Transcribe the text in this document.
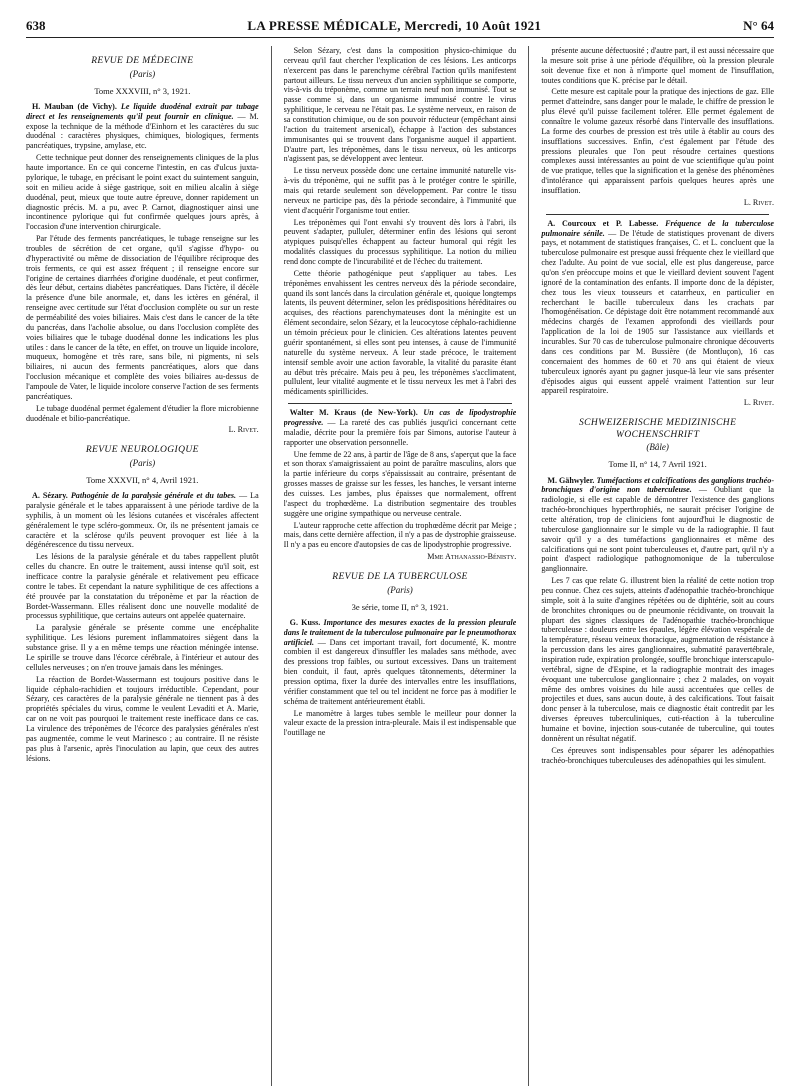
638	LA PRESSE MÉDICALE, Mercredi, 10 Août 1921	N° 64
REVUE DE MÉDECINE
(Paris)
Tome XXXVIII, n° 3, 1921.

H. Mauban (de Vichy). Le liquide duodénal extrait par tubage direct et les renseignements qu'il peut fournir en clinique. — M. expose la technique de la méthode d'Einhorn et les caractères du suc duodénal : caractères physiques, chimiques, biologiques, ferments pancréatiques, trypsine, amylase, etc.

Cette technique peut donner des renseignements cliniques de la plus haute importance. En ce qui concerne l'intestin, en cas d'ulcus juxta-pylorique, le tubage, en précisant le point exact du suintement sanguin, soit en milieu acide à siège gastrique, soit en milieu alcalin à siège duodénal, peut, mieux que toute autre épreuve, donner rapidement un diagnostic précis. M. a pu, avec P. Carnot, diagnostiquer ainsi une incontinence pylorique qui fut confirmée quelques jours après, à l'occasion d'une intervention chirurgicale.

Par l'étude des ferments pancréatiques, le tubage renseigne sur les troubles de sécrétion de cet organe, qu'il s'agisse d'hypo- ou d'hyperactivité ou même de dissociation de l'équilibre réciproque des trois ferments, ce qui est assez fréquent ; il renseigne encore sur l'origine de certaines diarrhées d'origine duodénale, et peut confirmer, dès leur début, certains diabètes pancréatiques. Dans l'ictère, il décèle la présence d'une bile anormale, et, dans les ictères en général, il renseigne avec certitude sur l'état d'occlusion complète ou sur un reste de perméabilité des voies biliaires. Mais c'est dans le cancer de la tête du pancréas, dans l'acholie absolue, ou dans l'occlusion complète des voies biliaires que le tubage duodénal donne les indications les plus utiles : dans le cancer de la tête, en effet, on trouve un liquide incolore, muqueux, homogène et très rare, sans bile, ni pigments, ni sels biliaires, ni aucun des ferments pancréatiques, alors que dans l'occlusion mécanique et complète des voies biliaires au-dessus de l'ampoule de Vater, le liquide incolore conserve l'action de ses ferments pancréatiques.

Le tubage duodénal permet également d'étudier la flore microbienne duodénale et bilio-pancréatique.

L. Rivet.
REVUE NEUROLOGIQUE
(Paris)
Tome XXXVII, n° 4, Avril 1921.

A. Sézary. Pathogénie de la paralysie générale et du tabes. — La paralysie générale et le tabes apparaissent à une période tardive de la syphilis, à un moment où les lésions cutanées et viscérales affectent généralement le type scléro-gommeux. Or, ils ne présentent jamais ce caractère et la sclérose qu'ils peuvent provoquer est liée à la dégénérescence du tissu nerveux.

Les lésions de la paralysie générale et du tabes rappellent plutôt celles du chancre. En outre le traitement, aussi intense qu'il soit, est inefficace contre la paralysie générale et relativement peu efficace contre le tabes. Et cependant la nature syphilitique de ces affections a été prouvée par la constatation du tréponème et par la réaction de Bordet-Wassermann. Elles réalisent donc une nouvelle modalité de processus syphilitique, que certains auteurs ont appelée quaternaire.

La paralysie générale se présente comme une encéphalite syphilitique. Les lésions purement inflammatoires siègent dans la substance grise. Il y a en même temps une réaction méningée intense. Le spirille se trouve dans l'écorce cérébrale, à l'intérieur et autour des cellules nerveuses ; on n'en trouve jamais dans les méninges.

La réaction de Bordet-Wassermann est toujours positive dans le liquide céphalo-rachidien et toujours irréductible. Cependant, pour Sézary, ces caractères de la paralysie générale ne tiennent pas à des propriétés spéciales du virus, comme le veulent Levaditi et A. Marie, car on ne voit pas pourquoi le traitement reste inefficace dans ce cas. La virulence des tréponèmes de l'écorce des paralysies générales n'est pas augmentée, comme le veut Marinesco ; au contraire. Il ne résiste pas plus à l'arsenic, après l'inoculation au lapin, que ceux des autres lésions.

Selon Sézary, c'est dans la composition physico-chimique du cerveau qu'il faut chercher l'explication de ces lésions. Les anticorps n'exercent pas dans le parenchyme cérébral l'action qu'ils manifestent partout ailleurs. Le tissu nerveux d'un ancien syphilitique se comporte, vis-à-vis du tréponème, comme un terrain neuf non immunisé. Tout se passe comme si, dans un organisme immunisé contre le virus syphilitique, le cerveau ne l'était pas. Le système nerveux, en raison de sa constitution chimique, ou de son pouvoir réducteur (empêchant ainsi l'action du traitement arsenical), échappe à l'action des substances immunisantes qui se trouvent dans l'organisme auquel il appartient. D'autre part, les tréponèmes, dans le tissu nerveux, où les anticorps n'agissent pas, se développent avec lenteur.

Le tissu nerveux possède donc une certaine immunité naturelle vis-à-vis du tréponème, qui ne suffit pas à le protéger contre le spirille, mais qui retarde seulement son développement. Par contre le tissu nerveux ne participe pas, dès la période secondaire, à l'immunité que vient d'acquérir l'organisme tout entier.

Les tréponèmes qui l'ont envahi s'y trouvent dès lors à l'abri, ils peuvent s'adapter, pulluler, déterminer enfin des lésions qui seront atypiques puisqu'elles échappent au facteur humoral qui régit les modalités classiques du processus syphilitique. La notion du milieu rend donc compte de l'incurabilité et de l'échec du traitement.

Cette théorie pathogénique peut s'appliquer au tabes. Les tréponèmes envahissent les centres nerveux dès la période secondaire, quand ils sont lancés dans la circulation générale et, quoique longtemps latents, ils peuvent déterminer, selon les prédispositions héréditaires ou acquises, des réactions parenchymateuses dont la méningite est un élément secondaire, selon Sézary, et la leucocytose céphalo-rachidienne un témoin précieux pour le clinicien. Ces altérations latentes peuvent guérir spontanément, si elles sont peu intenses, à cause de l'immunité naturelle du système nerveux. A leur stade précoce, le traitement intensif semble avoir une action favorable, la vitalité du parasite étant au début très précaire. Mais peu à peu, les tréponèmes s'acclimatent, pullulent, leur vitalité augmente et le tissu nerveux les met à l'abri des médicaments spirillicides.

Walter M. Kraus (de New-York). Un cas de lipodystrophie progressive. — La rareté des cas publiés jusqu'ici concernant cette maladie, décrite pour la première fois par Simons, autorise l'auteur à rapporter une observation personnelle.

Une femme de 22 ans, à partir de l'âge de 8 ans, s'aperçut que la face et son thorax s'amaigrissaient au point de paraître masculins, alors que la partie inférieure du corps s'épaississait au contraire, présentant de grosses masses de graisse sur les fesses, les hanches, le versant interne des cuisses. Les jambes, plus épaisses que normalement, offrent l'aspect du trophœdème. La distribution segmentaire des troubles suggère une origine sympathique ou nerveuse centrale.

L'auteur rapproche cette affection du trophœdème décrit par Meige ; mais, dans cette dernière affection, il n'y a pas de dystrophie graisseuse. Il n'y a pas eu encore d'autopsies de cas de lipodystrophie progressive.

Mme Athanassio-Bénisty.
REVUE DE LA TUBERCULOSE
(Paris)
3e série, tome II, n° 3, 1921.

G. Kuss. Importance des mesures exactes de la pression pleurale dans le traitement de la tuberculose pulmonaire par le pneumothorax artificiel. — Dans cet important travail, fort documenté, K. montre combien il est dangereux d'insuffler les malades sans méthode, avec des pressions trop faibles, ou surtout excessives. Dans un traitement bien conduit, il faut, après quelques tâtonnements, déterminer la pression optima, fixer la durée des intervalles entre les insufflations, vérifier constamment que tel ou tel incident ne force pas à modifier le schéma de traitement antérieurement établi.

Le manomètre à larges tubes semble le meilleur pour donner la valeur exacte de la pression intra-pleurale. Mais il est indispensable que l'outillage ne

présente aucune défectuosité ; d'autre part, il est aussi nécessaire que la mesure soit prise à une période d'équilibre, où la pression pleurale soit devenue fixe et non à n'importe quel moment de l'insufflation, toutes conditions que K. précise par le détail.

Cette mesure est capitale pour la pratique des injections de gaz. Elle permet d'atteindre, sans danger pour le malade, le chiffre de pression le plus élevé qu'il puisse facilement tolérer. Elle permet également de connaître le volume gazeux résorbé dans l'intervalle des insufflations. La forme des courbes de pression est très utile à établir au cours des insufflations successives. Enfin, c'est également par l'étude des pressions pleurales que l'on peut résoudre certaines questions complexes aussi intéressantes au point de vue scientifique qu'au point de vue pratique, telles que la signification et la genèse des phénomènes d'intolérance qui apparaissent parfois quelques heures après une insufflation.

L. Rivet.

A. Courcoux et P. Labesse. Fréquence de la tuberculose pulmonaire sénile. — De l'étude de statistiques provenant de divers pays, et notamment de statistiques françaises, C. et L. concluent que la tuberculose pulmonaire est presque aussi fréquente chez le vieillard que chez l'adulte. Au point de vue social, elle est plus dangereuse, parce qu'on s'en préoccupe moins et que le vieillard devient souvent l'agent ignoré de la contamination des enfants. Il importe donc de la dépister, chez tous les vieux tousseurs et catarrheux, en particulier en recherchant le bacille tuberculeux dans les crachats par l'homogénéisation. Ce dépistage doit être notamment recommandé aux médecins chargés de l'examen approfondi des vieillards pour l'application de la loi de 1905 sur l'assistance aux vieillards et incurables. Sur 70 cas de tuberculose pulmonaire chronique découverts dans ces conditions par M. Bussière (de Montluçon), 16 cas concernaient des hommes de 60 et 70 ans qui étaient de vieux tuberculeux ignorés ayant pu gagner jusque-là leur vie sans présenter d'épisodes aigus qui eussent appelé vraiment l'attention sur leur appareil respiratoire.

L. Rivet.
SCHWEIZERISCHE MEDIZINISCHE WOCHENSCHRIFT
(Bâle)
Tome II, n° 14, 7 Avril 1921.

M. Gähwyler. Tuméfactions et calcifications des ganglions trachéo-bronchiques d'origine non tuberculeuse. — Oubliant que la radiologie, si elle est capable de démontrer l'existence des ganglions trachéo-bronchiques hyperthrophiés, ne saurait préciser l'origine de cette altération, trop de cliniciens font aujourd'hui le diagnostic de tuberculose ganglionnaire sur le simple vu de la radiographie. Il faut savoir qu'il y a des tuméfactions ganglionnaires et même des calcifications qui ne sont point tuberculeuses et, d'autre part, qu'il n'y a point d'aspect radiologique pathognomonique de la tuberculose ganglionnaire.

Les 7 cas que relate G. illustrent bien la réalité de cette notion trop peu connue. Chez ces sujets, atteints d'adénopathie trachéo-bronchique simple, soit à la suite d'angines répétées ou de diphtérie, soit au cours de bronchites chroniques ou de pneumonie récidivante, on trouvait la plupart des signes classiques de l'adénopathie trachéo-bronchique tuberculeuse : douleurs entre les épaules, légère élévation vespérale de la température, réseau veineux thoracique, augmentation de résistance à la percussion dans les aires ganglionnaires, submatité paravertébrale, inspiration rude, expiration prolongée, souffle bronchique interscapulo-vertébral, signe de d'Espine, et la radiographie montrait des images évoquant une tuberculose ganglionnaire ; chez 2 malades, on voyait même des ombres voisines du hile aussi accentuées que celles de projectiles et dues, sans aucun doute, à des calcifications. Tout faisait donc penser à la tuberculose, mais ce diagnostic était contredit par les diverses épreuves tuberculiniques, cuti-réaction à la tuberculine humaine et bovine, injection sous-cutanée de tuberculine, qui toutes donnèrent un résultat négatif.

Ces épreuves sont indispensables pour séparer les adénopathies trachéo-bronchiques tuberculeuses des adénopathies qui les simulent.
